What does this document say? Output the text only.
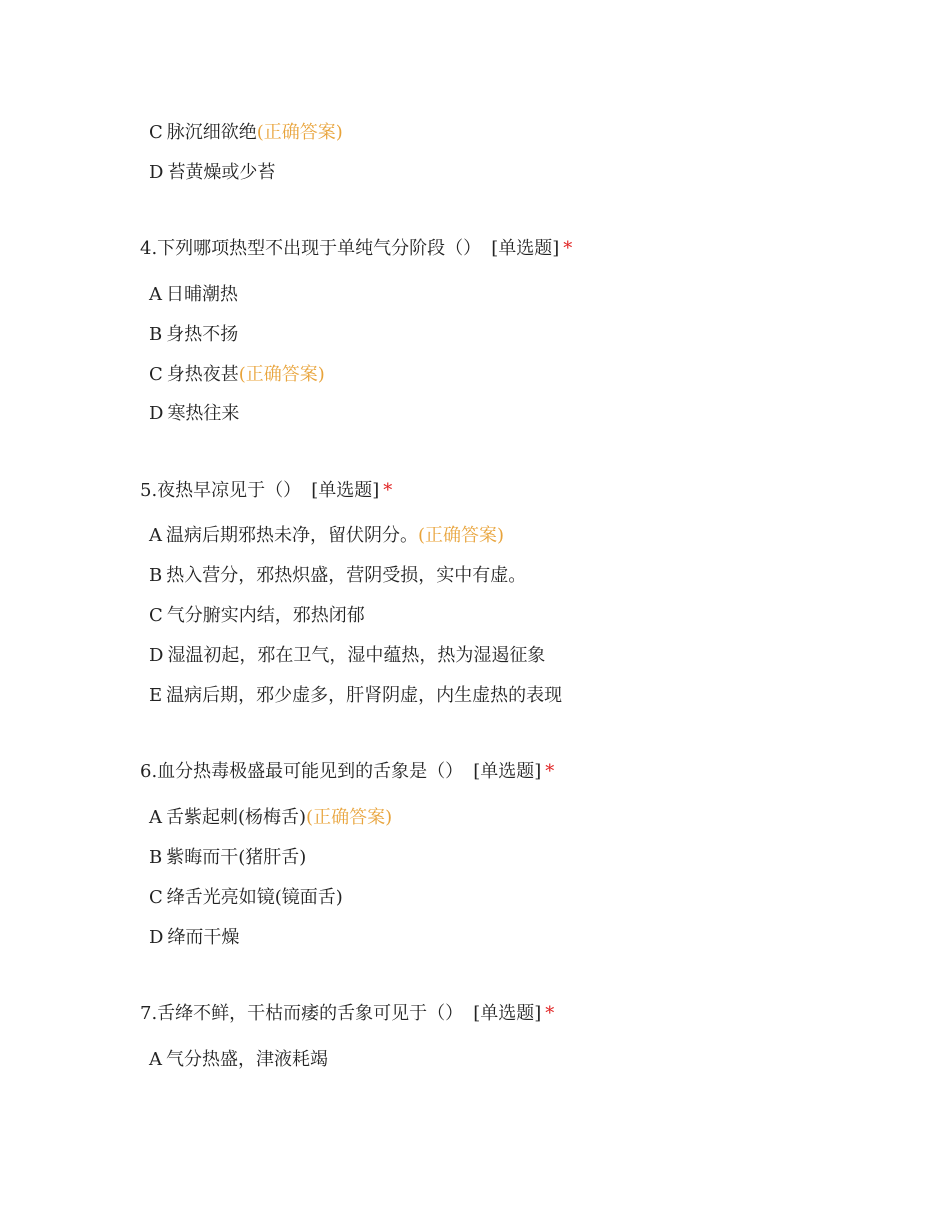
C 脉沉细欲绝(正确答案)
D 苔黄燥或少苔
4.下列哪项热型不出现于单纯气分阶段（） [单选题] *
A 日晡潮热
B 身热不扬
C 身热夜甚(正确答案)
D 寒热往来
5.夜热早凉见于（） [单选题] *
A 温病后期邪热未净，留伏阴分。(正确答案)
B 热入营分，邪热炽盛，营阴受损，实中有虚。
C 气分腑实内结，邪热闭郁
D 湿温初起，邪在卫气，湿中蕴热，热为湿遏征象
E 温病后期，邪少虚多，肝肾阴虚，内生虚热的表现
6.血分热毒极盛最可能见到的舌象是（） [单选题] *
A 舌紫起刺(杨梅舌)(正确答案)
B 紫晦而干(猪肝舌)
C 绛舌光亮如镜(镜面舌)
D 绛而干燥
7.舌绛不鲜，干枯而痿的舌象可见于（） [单选题] *
A 气分热盛，津液耗竭
